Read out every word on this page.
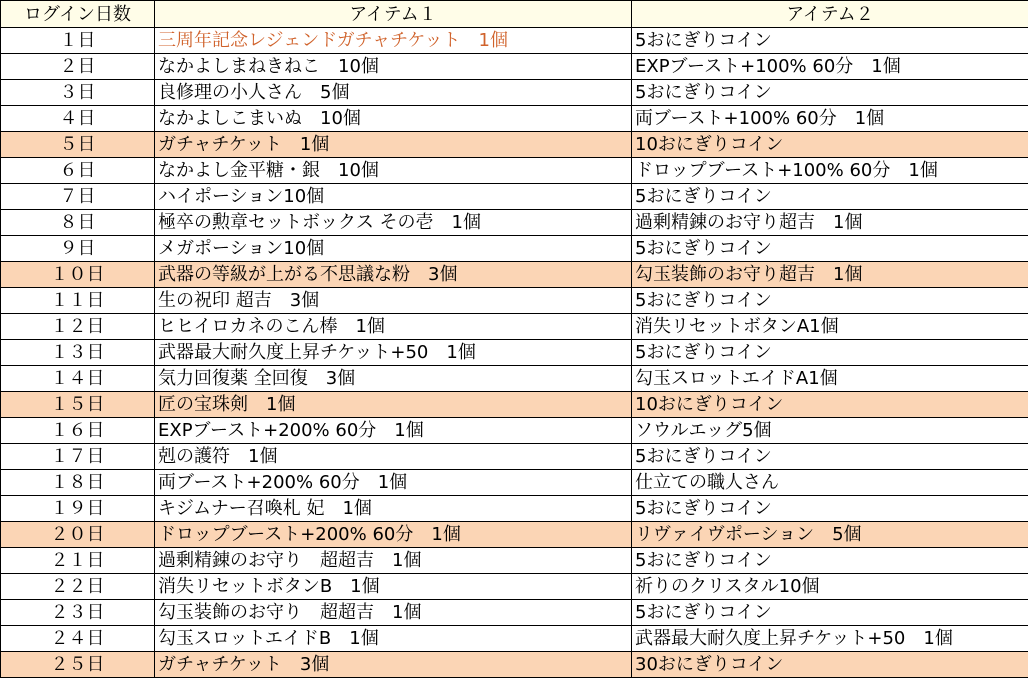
ログイン日数	アイテム１	アイテム２
１日	三周年記念レジェンドガチャチケット　1個	5おにぎりコイン
２日	なかよしまねきねこ　10個	EXPブースト+100% 60分　1個
３日	良修理の小人さん　5個	5おにぎりコイン
４日	なかよしこまいぬ　10個	両ブースト+100% 60分　1個
５日	ガチャチケット　1個	10おにぎりコイン
６日	なかよし金平糖・銀　10個	ドロップブースト+100% 60分　1個
７日	ハイポーション10個	5おにぎりコイン
８日	極卒の勲章セットボックス その壱　1個	過剰精錬のお守り超吉　1個
９日	メガポーション10個	5おにぎりコイン
１０日	武器の等級が上がる不思議な粉　3個	勾玉装飾のお守り超吉　1個
１１日	生の祝印 超吉　3個	5おにぎりコイン
１２日	ヒヒイロカネのこん棒　1個	消失リセットボタンA1個
１３日	武器最大耐久度上昇チケット+50　1個	5おにぎりコイン
１４日	気力回復薬 全回復　3個	勾玉スロットエイドA1個
１５日	匠の宝珠剣　1個	10おにぎりコイン
１６日	EXPブースト+200% 60分　1個	ソウルエッグ5個
１７日	剋の護符　1個	5おにぎりコイン
１８日	両ブースト+200% 60分　1個	仕立ての職人さん
１９日	キジムナー召喚札 妃　1個	5おにぎりコイン
２０日	ドロップブースト+200% 60分　1個	リヴァイヴポーション　5個
２１日	過剰精錬のお守り　超超吉　1個	5おにぎりコイン
２２日	消失リセットボタンB　1個	祈りのクリスタル10個
２３日	勾玉装飾のお守り　超超吉　1個	5おにぎりコイン
２４日	勾玉スロットエイドB　1個	武器最大耐久度上昇チケット+50　1個
２５日	ガチャチケット　3個	30おにぎりコイン
